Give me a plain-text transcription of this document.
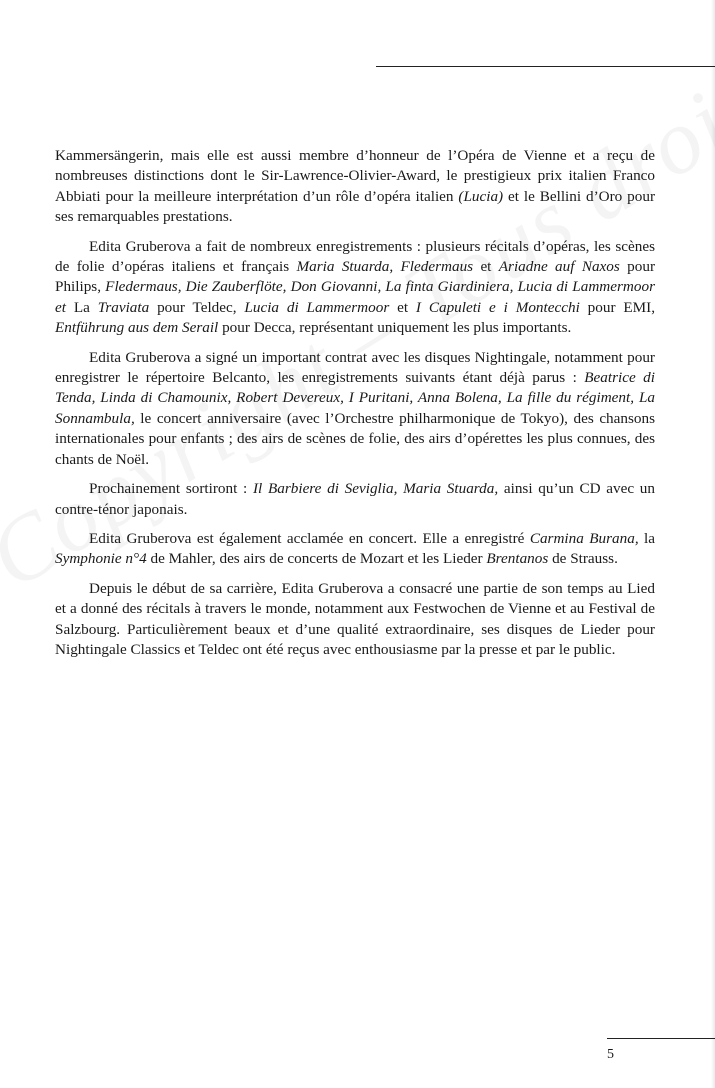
Kammersängerin, mais elle est aussi membre d’honneur de l’Opéra de Vienne et a reçu de nombreuses distinctions dont le Sir-Lawrence-Olivier-Award, le prestigieux prix italien Franco Abbiati pour la meilleure interprétation d’un rôle d’opéra italien (Lucia) et le Bellini d’Oro pour ses remarquables prestations.

Edita Gruberova a fait de nombreux enregistrements : plusieurs récitals d’opéras, les scènes de folie d’opéras italiens et français Maria Stuarda, Fledermaus et Ariadne auf Naxos pour Philips, Fledermaus, Die Zauberflöte, Don Giovanni, La finta Giardiniera, Lucia di Lammermoor et La Traviata pour Teldec, Lucia di Lammermoor et I Capuleti e i Montecchi pour EMI, Entführung aus dem Serail pour Decca, représentant uniquement les plus importants.

Edita Gruberova a signé un important contrat avec les disques Nightingale, notamment pour enregistrer le répertoire Belcanto, les enregistrements suivants étant déjà parus : Beatrice di Tenda, Linda di Chamounix, Robert Devereux, I Puritani, Anna Bolena, La fille du régiment, La Sonnambula, le concert anniversaire (avec l’Orchestre philharmonique de Tokyo), des chansons internationales pour enfants ; des airs de scènes de folie, des airs d’opérettes les plus connues, des chants de Noël.

Prochainement sortiront : Il Barbiere di Seviglia, Maria Stuarda, ainsi qu’un CD avec un contre-ténor japonais.

Edita Gruberova est également acclamée en concert. Elle a enregistré Carmina Burana, la Symphonie n°4 de Mahler, des airs de concerts de Mozart et les Lieder Brentanos de Strauss.

Depuis le début de sa carrière, Edita Gruberova a consacré une partie de son temps au Lied et a donné des récitals à travers le monde, notamment aux Festwochen de Vienne et au Festival de Salzbourg. Particulièrement beaux et d’une qualité extraordinaire, ses disques de Lieder pour Nightingale Classics et Teldec ont été reçus avec enthousiasme par la presse et par le public.

5
